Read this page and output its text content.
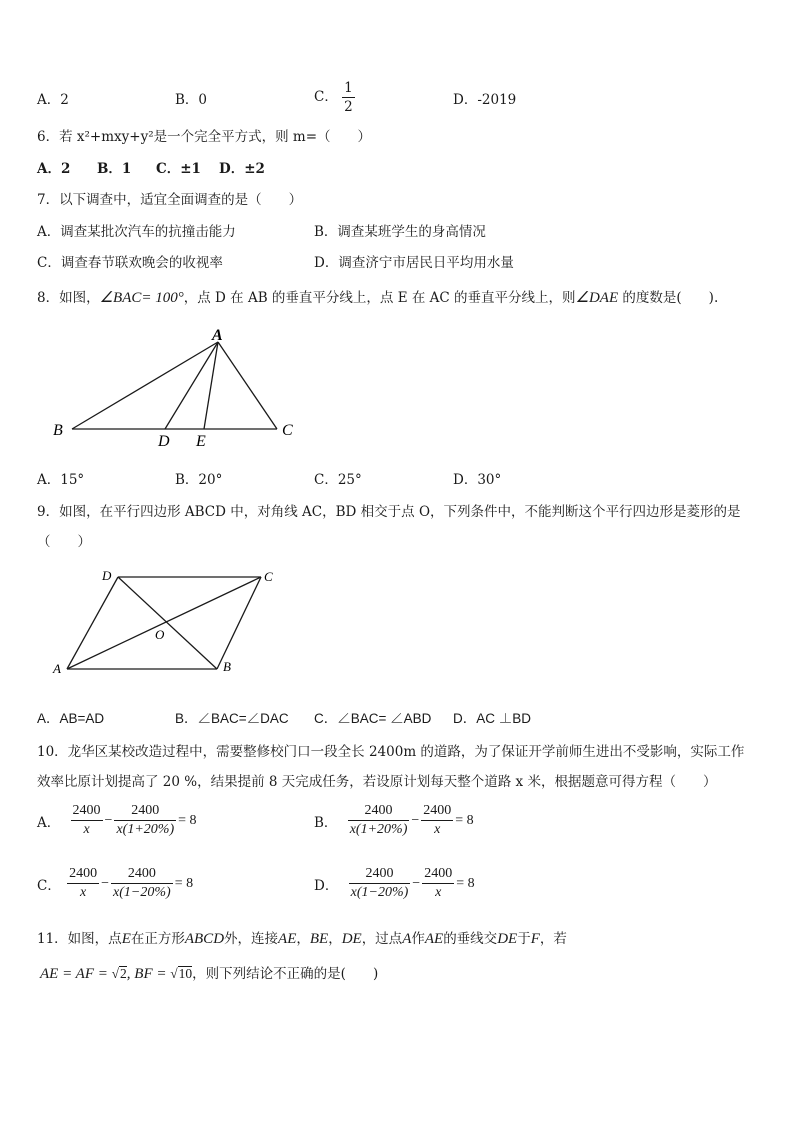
A．2	B．0	C． $\frac{1}{2}$	D．-2019
6．若 x²+mxy+y²是一个完全平方式，则 m=（　　）
A．2 B．1 C．±1 D．±2
7．以下调查中，适宜全面调查的是（　　）
A．调查某批次汽车的抗撞击能力	B．调查某班学生的身高情况
C．调查春节联欢晚会的收视率	D．调查济宁市居民日平均用水量
8．如图，∠BAC= 100°，点 D 在 AB 的垂直平分线上，点 E 在 AC 的垂直平分线上，则∠DAE 的度数是(　　).
A
B	C
D E
A．15°	B．20°	C．25°	D．30°
9．如图，在平行四边形 ABCD 中，对角线 AC，BD 相交于点 O，下列条件中，不能判断这个平行四边形是菱形的是
（　　）
D	C
A	B
O
A．AB=AD	B．∠BAC=∠DAC C．∠BAC= ∠ABD D．AC ⊥BD
10．龙华区某校改造过程中，需要整修校门口一段全长 2400m 的道路，为了保证开学前师生进出不受影响，实际工作
效率比原计划提高了 20 %，结果提前 8 天完成任务，若设原计划每天整个道路 x 米，根据题意可得方程（　　）
A． $\frac{2400}{x} - \frac{2400}{x(1+20\%)} = 8$	B． $\frac{2400}{x(1+20\%)} - \frac{2400}{x} = 8$
C． $\frac{2400}{x} - \frac{2400}{x(1-20\%)} = 8$	D． $\frac{2400}{x(1-20\%)} - \frac{2400}{x} = 8$
11．如图，点E在正方形ABCD外，连接AE，BE，DE，过点A作AE的垂线交DE于F，若
AE = AF = √2, BF = √10，则下列结论不正确的是(　　)
